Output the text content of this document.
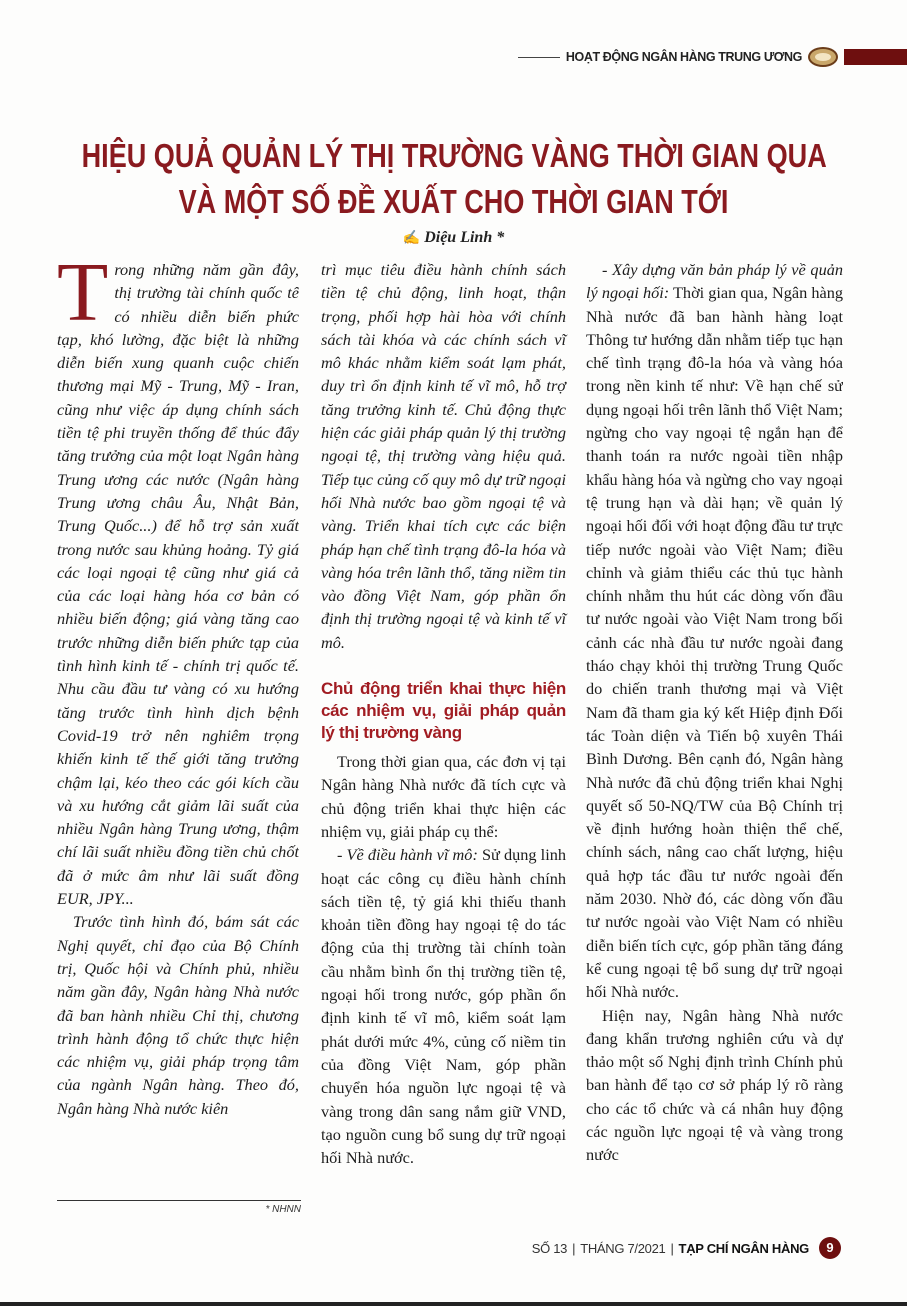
HOẠT ĐỘNG NGÂN HÀNG TRUNG ƯƠNG
HIỆU QUẢ QUẢN LÝ THỊ TRƯỜNG VÀNG THỜI GIAN QUA
VÀ MỘT SỐ ĐỀ XUẤT CHO THỜI GIAN TỚI
✍ Diệu Linh *

Trong những năm gần đây, thị trường tài chính quốc tế có nhiều diễn biến phức tạp, khó lường, đặc biệt là những diễn biến xung quanh cuộc chiến thương mại Mỹ - Trung, Mỹ - Iran, cũng như việc áp dụng chính sách tiền tệ phi truyền thống để thúc đẩy tăng trưởng của một loạt Ngân hàng Trung ương các nước (Ngân hàng Trung ương châu Âu, Nhật Bản, Trung Quốc...) để hỗ trợ sản xuất trong nước sau khủng hoảng. Tỷ giá các loại ngoại tệ cũng như giá cả của các loại hàng hóa cơ bản có nhiều biến động; giá vàng tăng cao trước những diễn biến phức tạp của tình hình kinh tế - chính trị quốc tế. Nhu cầu đầu tư vàng có xu hướng tăng trước tình hình dịch bệnh Covid-19 trở nên nghiêm trọng khiến kinh tế thế giới tăng trưởng chậm lại, kéo theo các gói kích cầu và xu hướng cắt giảm lãi suất của nhiều Ngân hàng Trung ương, thậm chí lãi suất nhiều đồng tiền chủ chốt đã ở mức âm như lãi suất đồng EUR, JPY...

Trước tình hình đó, bám sát các Nghị quyết, chỉ đạo của Bộ Chính trị, Quốc hội và Chính phủ, nhiều năm gần đây, Ngân hàng Nhà nước đã ban hành nhiều Chỉ thị, chương trình hành động tổ chức thực hiện các nhiệm vụ, giải pháp trọng tâm của ngành Ngân hàng. Theo đó, Ngân hàng Nhà nước kiên

trì mục tiêu điều hành chính sách tiền tệ chủ động, linh hoạt, thận trọng, phối hợp hài hòa với chính sách tài khóa và các chính sách vĩ mô khác nhằm kiểm soát lạm phát, duy trì ổn định kinh tế vĩ mô, hỗ trợ tăng trưởng kinh tế. Chủ động thực hiện các giải pháp quản lý thị trường ngoại tệ, thị trường vàng hiệu quả. Tiếp tục củng cố quy mô dự trữ ngoại hối Nhà nước bao gồm ngoại tệ và vàng. Triển khai tích cực các biện pháp hạn chế tình trạng đô-la hóa và vàng hóa trên lãnh thổ, tăng niềm tin vào đồng Việt Nam, góp phần ổn định thị trường ngoại tệ và kinh tế vĩ mô.

Chủ động triển khai thực hiện các nhiệm vụ, giải pháp quản lý thị trường vàng

Trong thời gian qua, các đơn vị tại Ngân hàng Nhà nước đã tích cực và chủ động triển khai thực hiện các nhiệm vụ, giải pháp cụ thể:

- Về điều hành vĩ mô: Sử dụng linh hoạt các công cụ điều hành chính sách tiền tệ, tỷ giá khi thiếu thanh khoản tiền đồng hay ngoại tệ do tác động của thị trường tài chính toàn cầu nhằm bình ổn thị trường tiền tệ, ngoại hối trong nước, góp phần ổn định kinh tế vĩ mô, kiểm soát lạm phát dưới mức 4%, củng cố niềm tin của đồng Việt Nam, góp phần chuyển hóa nguồn lực ngoại tệ và vàng trong dân sang nắm giữ VND, tạo nguồn cung bổ sung dự trữ ngoại hối Nhà nước.

- Xây dựng văn bản pháp lý về quản lý ngoại hối: Thời gian qua, Ngân hàng Nhà nước đã ban hành hàng loạt Thông tư hướng dẫn nhằm tiếp tục hạn chế tình trạng đô-la hóa và vàng hóa trong nền kinh tế như: Về hạn chế sử dụng ngoại hối trên lãnh thổ Việt Nam; ngừng cho vay ngoại tệ ngắn hạn để thanh toán ra nước ngoài tiền nhập khẩu hàng hóa và ngừng cho vay ngoại tệ trung hạn và dài hạn; về quản lý ngoại hối đối với hoạt động đầu tư trực tiếp nước ngoài vào Việt Nam; điều chỉnh và giảm thiểu các thủ tục hành chính nhằm thu hút các dòng vốn đầu tư nước ngoài vào Việt Nam trong bối cảnh các nhà đầu tư nước ngoài đang tháo chạy khỏi thị trường Trung Quốc do chiến tranh thương mại và Việt Nam đã tham gia ký kết Hiệp định Đối tác Toàn diện và Tiến bộ xuyên Thái Bình Dương. Bên cạnh đó, Ngân hàng Nhà nước đã chủ động triển khai Nghị quyết số 50-NQ/TW của Bộ Chính trị về định hướng hoàn thiện thể chế, chính sách, nâng cao chất lượng, hiệu quả hợp tác đầu tư nước ngoài đến năm 2030. Nhờ đó, các dòng vốn đầu tư nước ngoài vào Việt Nam có nhiều diễn biến tích cực, góp phần tăng đáng kể cung ngoại tệ bổ sung dự trữ ngoại hối Nhà nước.

Hiện nay, Ngân hàng Nhà nước đang khẩn trương nghiên cứu và dự thảo một số Nghị định trình Chính phủ ban hành để tạo cơ sở pháp lý rõ ràng cho các tổ chức và cá nhân huy động các nguồn lực ngoại tệ và vàng trong nước

* NHNN
SỐ 13 | THÁNG 7/2021 | TẠP CHÍ NGÂN HÀNG	9
